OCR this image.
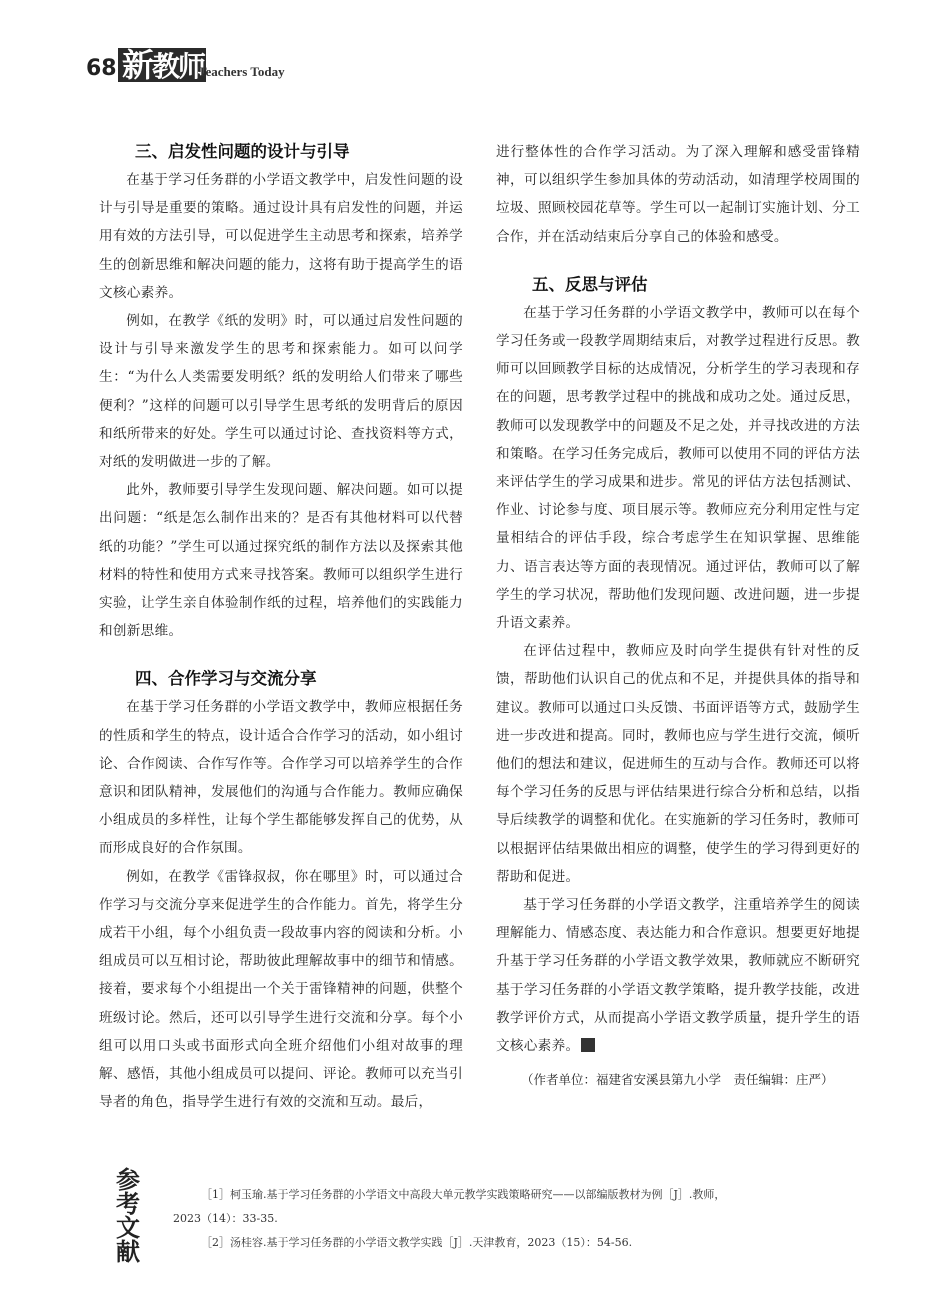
68 新教师
Teachers Today
三、启发性问题的设计与引导

在基于学习任务群的小学语文教学中，启发性问题的设计与引导是重要的策略。通过设计具有启发性的问题，并运用有效的方法引导，可以促进学生主动思考和探索，培养学生的创新思维和解决问题的能力，这将有助于提高学生的语文核心素养。

例如，在教学《纸的发明》时，可以通过启发性问题的设计与引导来激发学生的思考和探索能力。如可以问学生：“为什么人类需要发明纸？纸的发明给人们带来了哪些便利？”这样的问题可以引导学生思考纸的发明背后的原因和纸所带来的好处。学生可以通过讨论、查找资料等方式，对纸的发明做进一步的了解。

此外，教师要引导学生发现问题、解决问题。如可以提出问题：“纸是怎么制作出来的？是否有其他材料可以代替纸的功能？”学生可以通过探究纸的制作方法以及探索其他材料的特性和使用方式来寻找答案。教师可以组织学生进行实验，让学生亲自体验制作纸的过程，培养他们的实践能力和创新思维。

四、合作学习与交流分享

在基于学习任务群的小学语文教学中，教师应根据任务的性质和学生的特点，设计适合合作学习的活动，如小组讨论、合作阅读、合作写作等。合作学习可以培养学生的合作意识和团队精神，发展他们的沟通与合作能力。教师应确保小组成员的多样性，让每个学生都能够发挥自己的优势，从而形成良好的合作氛围。

例如，在教学《雷锋叔叔，你在哪里》时，可以通过合作学习与交流分享来促进学生的合作能力。首先，将学生分成若干小组，每个小组负责一段故事内容的阅读和分析。小组成员可以互相讨论，帮助彼此理解故事中的细节和情感。接着，要求每个小组提出一个关于雷锋精神的问题，供整个班级讨论。然后，还可以引导学生进行交流和分享。每个小组可以用口头或书面形式向全班介绍他们小组对故事的理解、感悟，其他小组成员可以提问、评论。教师可以充当引导者的角色，指导学生进行有效的交流和互动。最后，

进行整体性的合作学习活动。为了深入理解和感受雷锋精神，可以组织学生参加具体的劳动活动，如清理学校周围的垃圾、照顾校园花草等。学生可以一起制订实施计划、分工合作，并在活动结束后分享自己的体验和感受。

五、反思与评估

在基于学习任务群的小学语文教学中，教师可以在每个学习任务或一段教学周期结束后，对教学过程进行反思。教师可以回顾教学目标的达成情况，分析学生的学习表现和存在的问题，思考教学过程中的挑战和成功之处。通过反思，教师可以发现教学中的问题及不足之处，并寻找改进的方法和策略。在学习任务完成后，教师可以使用不同的评估方法来评估学生的学习成果和进步。常见的评估方法包括测试、作业、讨论参与度、项目展示等。教师应充分利用定性与定量相结合的评估手段，综合考虑学生在知识掌握、思维能力、语言表达等方面的表现情况。通过评估，教师可以了解学生的学习状况，帮助他们发现问题、改进问题，进一步提升语文素养。

在评估过程中，教师应及时向学生提供有针对性的反馈，帮助他们认识自己的优点和不足，并提供具体的指导和建议。教师可以通过口头反馈、书面评语等方式，鼓励学生进一步改进和提高。同时，教师也应与学生进行交流，倾听他们的想法和建议，促进师生的互动与合作。教师还可以将每个学习任务的反思与评估结果进行综合分析和总结，以指导后续教学的调整和优化。在实施新的学习任务时，教师可以根据评估结果做出相应的调整，使学生的学习得到更好的帮助和促进。

基于学习任务群的小学语文教学，注重培养学生的阅读理解能力、情感态度、表达能力和合作意识。想要更好地提升基于学习任务群的小学语文教学效果，教师就应不断研究基于学习任务群的小学语文教学策略，提升教学技能，改进教学评价方式，从而提高小学语文教学质量，提升学生的语文核心素养。

（作者单位：福建省安溪县第九小学　责任编辑：庄严）

参
考
文
献

［1］柯玉瑜.基于学习任务群的小学语文中高段大单元教学实践策略研究——以部编版教材为例［J］.教师，

2023（14）：33-35.

［2］汤桂容.基于学习任务群的小学语文教学实践［J］.天津教育，2023（15）：54-56.
